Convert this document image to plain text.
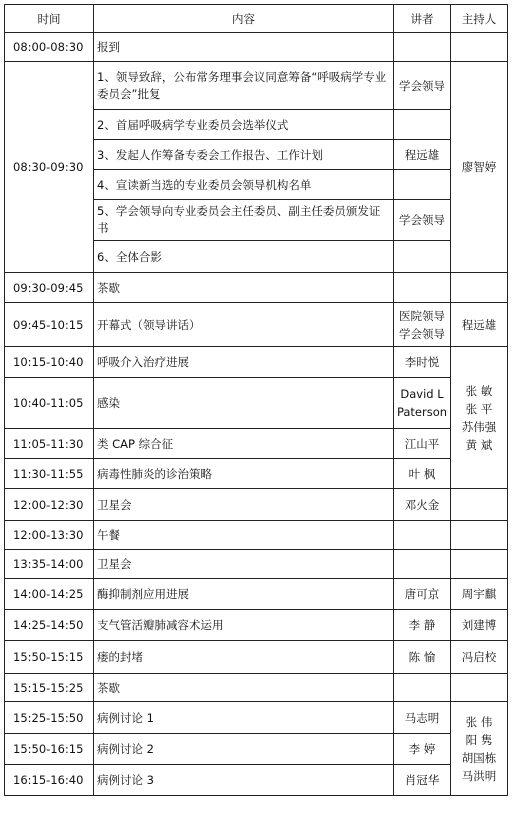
时间	内容	讲者	主持人
08:00-08:30	报到		
08:30-09:30	1、领导致辞，公布常务理事会议同意筹备“呼吸病学专业委员会”批复	学会领导	廖智婷
	2、首届呼吸病学专业委员会选举仪式		
	3、发起人作筹备专委会工作报告、工作计划	程远雄	
	4、宣读新当选的专业委员会领导机构名单		
	5、学会领导向专业委员会主任委员、副主任委员颁发证书	学会领导	
	6、全体合影		
09:30-09:45	茶歇		
09:45-10:15	开幕式（领导讲话）	医院领导
学会领导	程远雄
10:15-10:40	呼吸介入治疗进展	李时悦	张 敏
张 平
苏伟强
黄 斌

10:40-11:05	感染	David L
Paterson	

11:05-11:30	类 CAP 综合征	江山平	
11:30-11:55	病毒性肺炎的诊治策略	叶 枫	
12:00-12:30	卫星会	邓火金	
12:00-13:30	午餐		
13:35-14:00	卫星会		
14:00-14:25	酶抑制剂应用进展	唐可京	周宇麒
14:25-14:50	支气管活瓣肺减容术运用	李 静	刘建博
15:50-15:15	瘘的封堵	陈 愉	冯启校
15:15-15:25	茶歇		
15:25-15:50	病例讨论 1	马志明	张 伟
阳 隽
胡国栋
马洪明

15:50-16:15	病例讨论 2	李 婷	
16:15-16:40	病例讨论 3	肖冠华	
